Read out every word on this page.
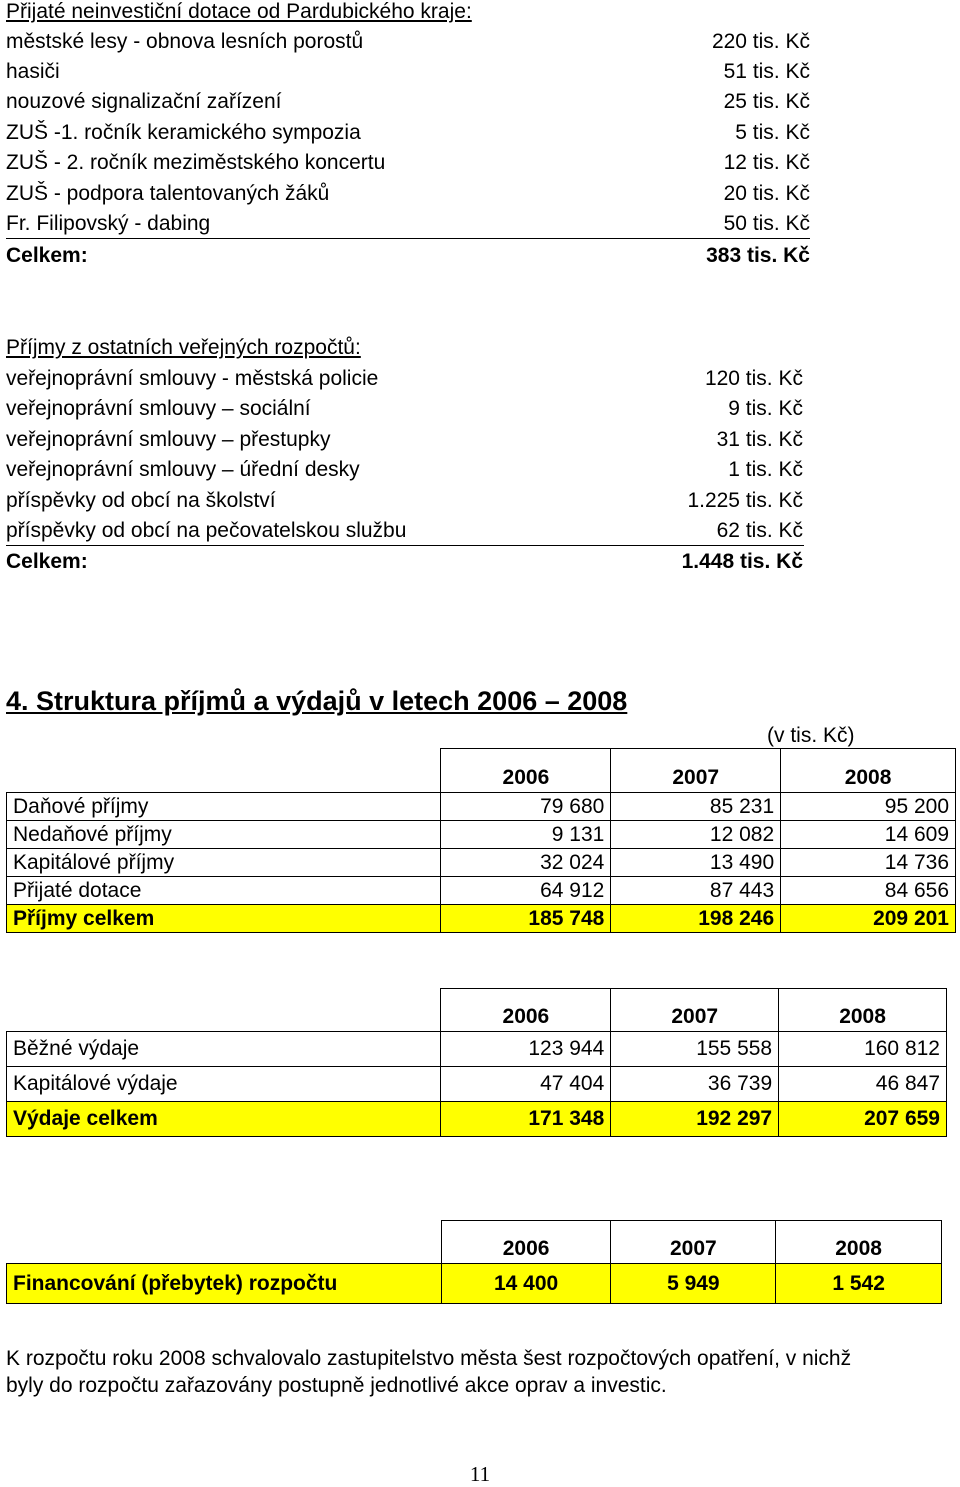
Přijaté neinvestiční dotace od Pardubického kraje:
městské lesy - obnova lesních porostů	220 tis. Kč
hasiči	51 tis. Kč
nouzové signalizační zařízení	25 tis. Kč
ZUŠ -1. ročník keramického sympozia	5 tis. Kč
ZUŠ - 2. ročník meziměstského koncertu	12 tis. Kč
ZUŠ - podpora talentovaných žáků	20 tis. Kč
Fr. Filipovský - dabing	50 tis. Kč
Celkem:	383 tis. Kč
Příjmy z ostatních veřejných rozpočtů:
veřejnoprávní smlouvy - městská policie	120 tis. Kč
veřejnoprávní smlouvy – sociální	9 tis. Kč
veřejnoprávní smlouvy – přestupky	31 tis. Kč
veřejnoprávní smlouvy – úřední desky	1 tis. Kč
příspěvky od obcí na školství	1.225 tis. Kč
příspěvky od obcí na pečovatelskou službu	62 tis. Kč
Celkem:	1.448 tis. Kč
4. Struktura příjmů a výdajů v letech 2006 – 2008
(v tis. Kč)
	2006	2007	2008
Daňové příjmy	79 680	85 231	95 200
Nedaňové příjmy	9 131	12 082	14 609
Kapitálové příjmy	32 024	13 490	14 736
Přijaté dotace	64 912	87 443	84 656
Příjmy celkem	185 748	198 246	209 201
	2006	2007	2008
Běžné výdaje	123 944	155 558	160 812
Kapitálové výdaje	47 404	36 739	46 847
Výdaje celkem	171 348	192 297	207 659
	2006	2007	2008
Financování (přebytek) rozpočtu	14 400	5 949	1 542
K rozpočtu roku 2008 schvalovalo zastupitelstvo města šest rozpočtových opatření, v nichž
byly do rozpočtu zařazovány postupně jednotlivé akce oprav a investic.
11
